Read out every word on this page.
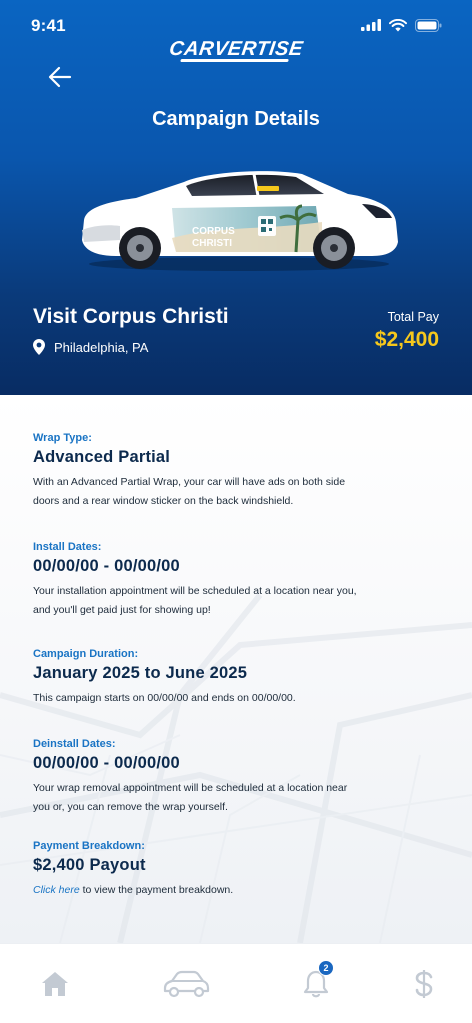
9:41
CARVERTISE
Campaign Details
CORPUS
CHRISTI
Visit Corpus Christi
Philadelphia, PA
Total Pay
$2,400
Wrap Type:
Advanced Partial
With an Advanced Partial Wrap, your car will have ads on both side
doors and a rear window sticker on the back windshield.
Install Dates:
00/00/00 - 00/00/00
Your installation appointment will be scheduled at a location near you,
and you'll get paid just for showing up!
Campaign Duration:
January 2025 to June 2025
This campaign starts on 00/00/00 and ends on 00/00/00.
Deinstall Dates:
00/00/00 - 00/00/00
Your wrap removal appointment will be scheduled at a location near
you or, you can remove the wrap yourself.
Payment Breakdown:
$2,400 Payout
Click here to view the payment breakdown.
2
